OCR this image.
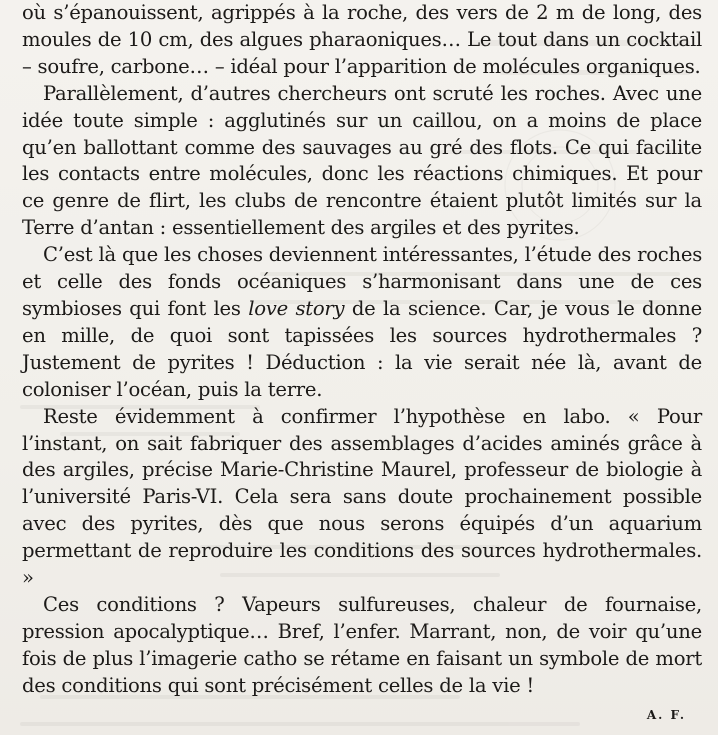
où s’épanouissent, agrippés à la roche, des vers de 2 m de long, des moules de 10 cm, des algues pharaoniques… Le tout dans un cocktail – soufre, carbone… – idéal pour l’apparition de molécules organiques.

Parallèlement, d’autres chercheurs ont scruté les roches. Avec une idée toute simple : agglutinés sur un caillou, on a moins de place qu’en ballottant comme des sauvages au gré des flots. Ce qui facilite les contacts entre molécules, donc les réactions chimiques. Et pour ce genre de flirt, les clubs de rencontre étaient plutôt limités sur la Terre d’antan : essentiellement des argiles et des pyrites.

C’est là que les choses deviennent intéressantes, l’étude des roches et celle des fonds océaniques s’harmonisant dans une de ces symbioses qui font les love story de la science. Car, je vous le donne en mille, de quoi sont tapissées les sources hydrothermales ? Justement de pyrites ! Déduction : la vie serait née là, avant de coloniser l’océan, puis la terre.

Reste évidemment à confirmer l’hypothèse en labo. « Pour l’instant, on sait fabriquer des assemblages d’acides aminés grâce à des argiles, précise Marie-Christine Maurel, professeur de biologie à l’université Paris-VI. Cela sera sans doute prochainement possible avec des pyrites, dès que nous serons équipés d’un aquarium permettant de reproduire les conditions des sources hydrothermales. »

Ces conditions ? Vapeurs sulfureuses, chaleur de fournaise, pression apocalyptique… Bref, l’enfer. Marrant, non, de voir qu’une fois de plus l’imagerie catho se rétame en faisant un symbole de mort des conditions qui sont précisément celles de la vie !

A. F.
